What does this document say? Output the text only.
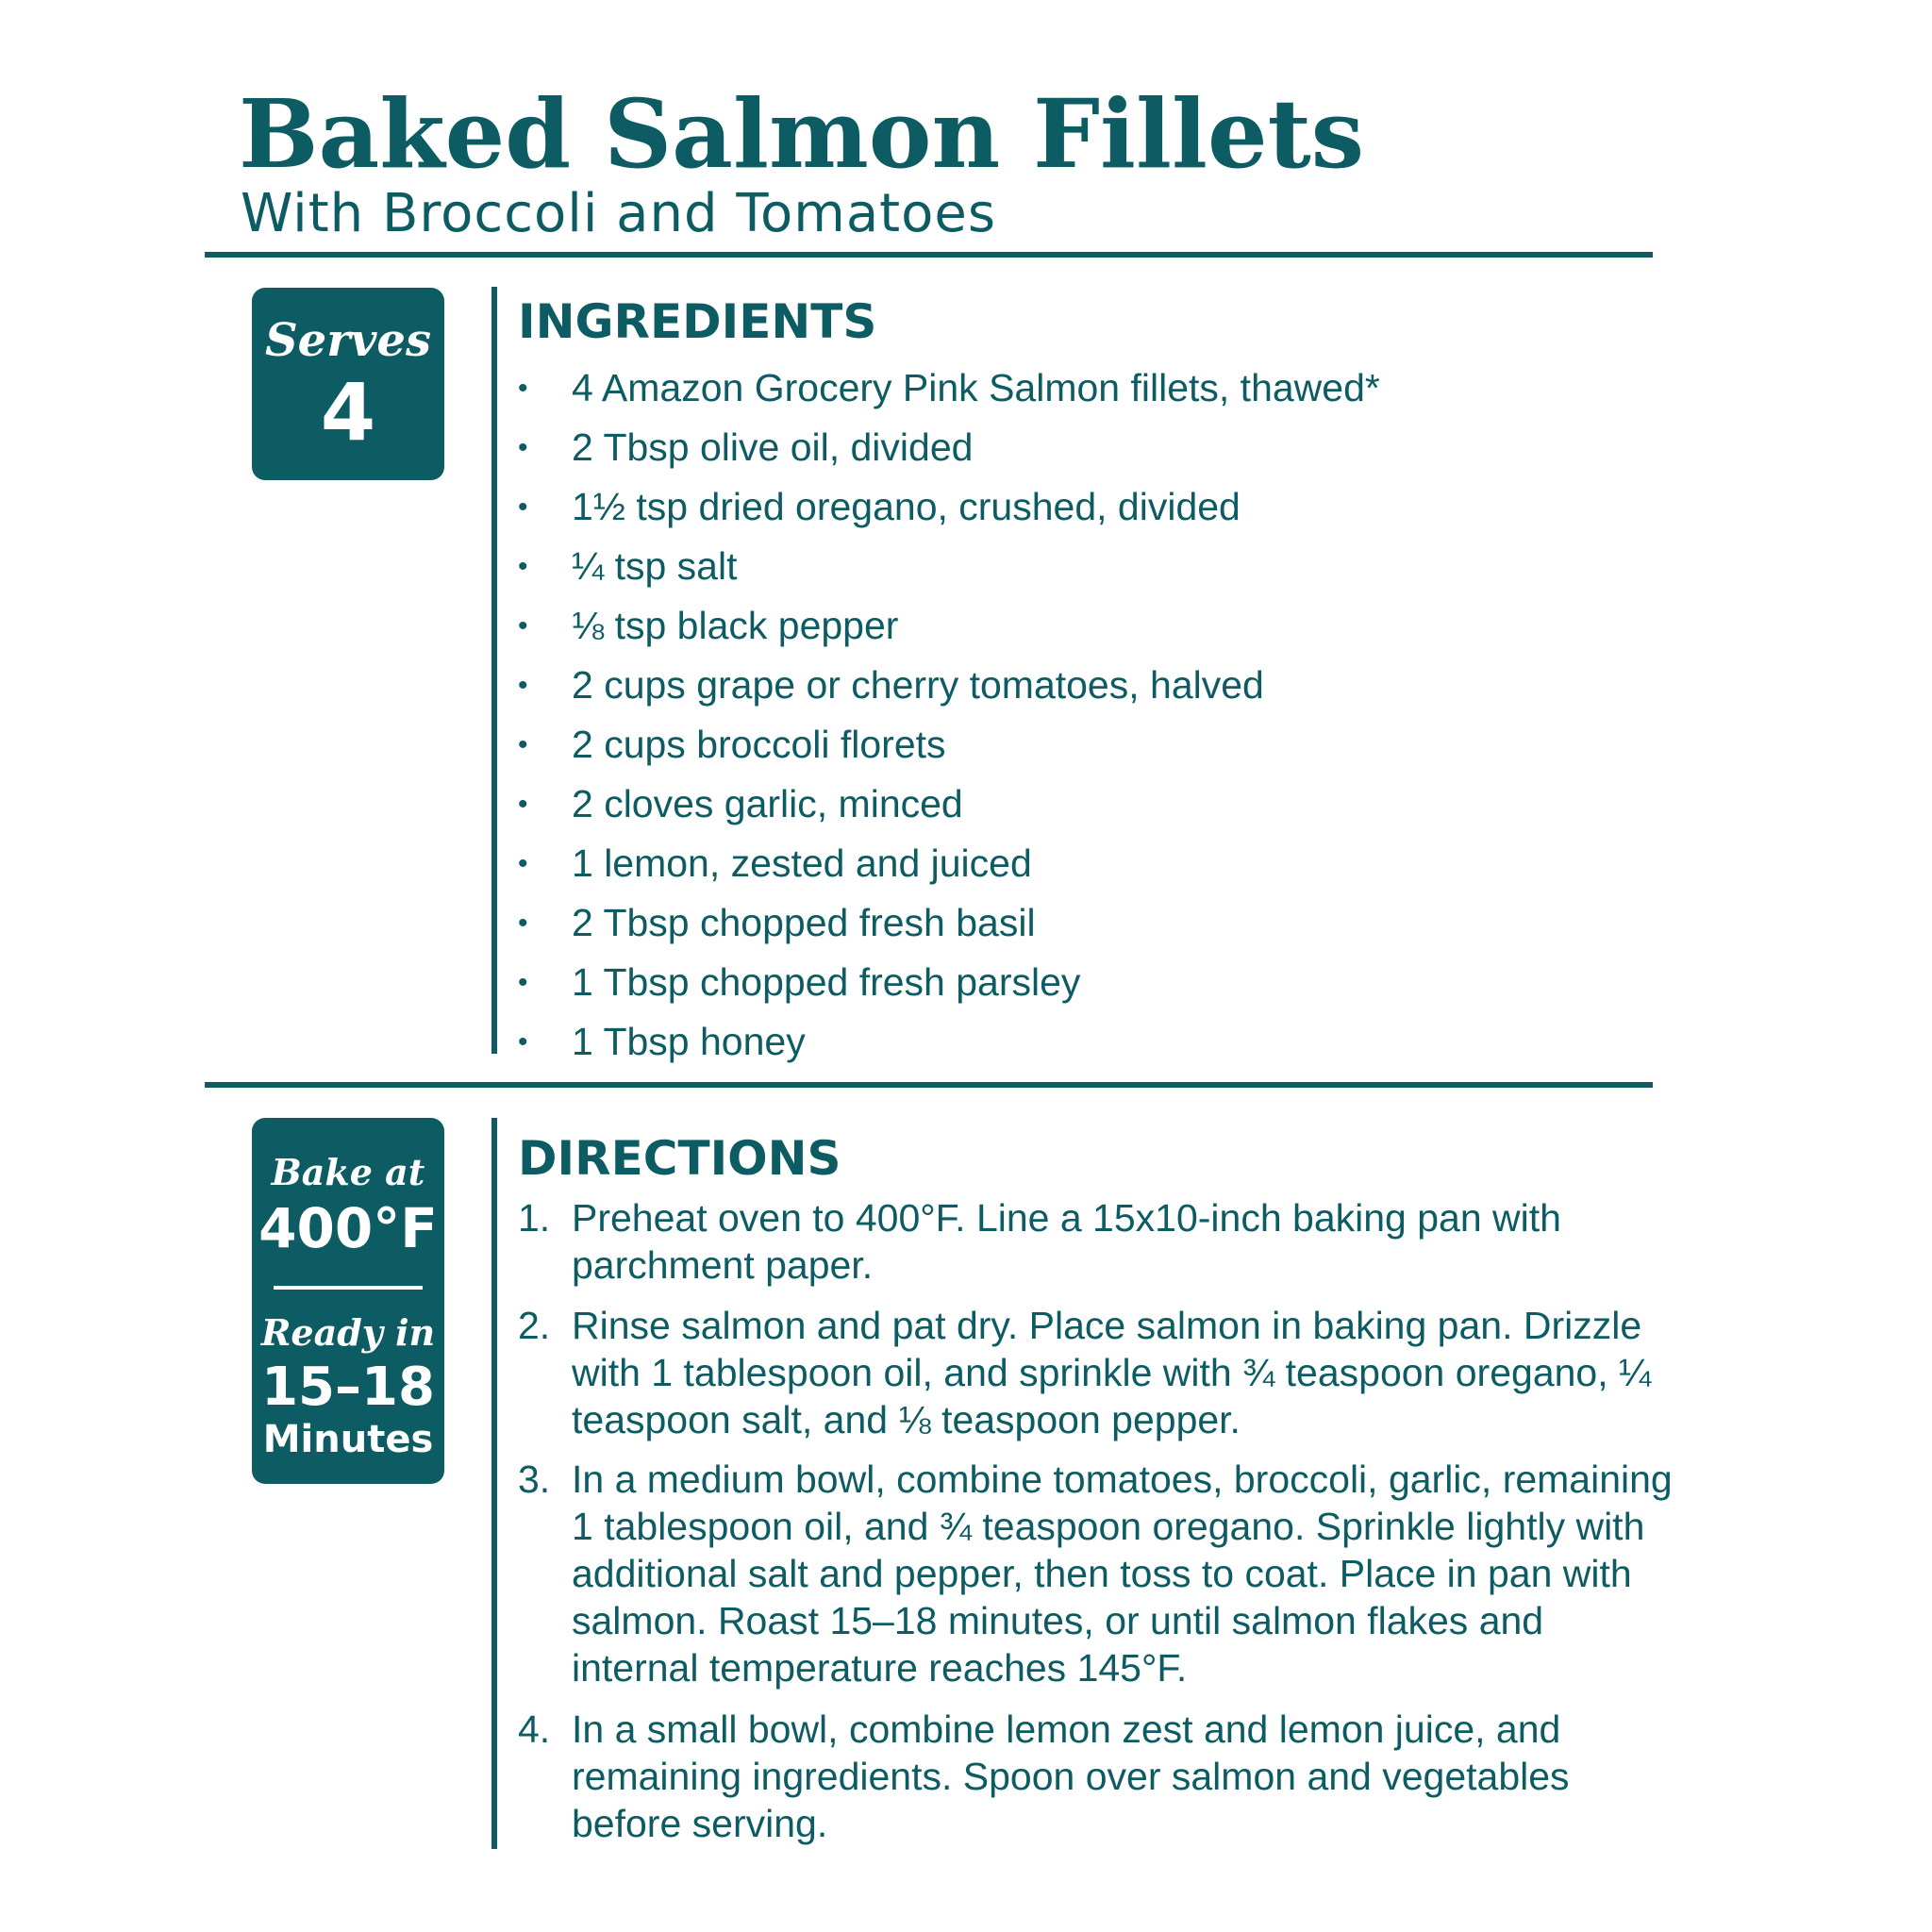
Baked Salmon Fillets
With Broccoli and Tomatoes
Serves
4
INGREDIENTS
• 4 Amazon Grocery Pink Salmon fillets, thawed*
• 2 Tbsp olive oil, divided
• 1½ tsp dried oregano, crushed, divided
• ¼ tsp salt
• ⅛ tsp black pepper
• 2 cups grape or cherry tomatoes, halved
• 2 cups broccoli florets
• 2 cloves garlic, minced
• 1 lemon, zested and juiced
• 2 Tbsp chopped fresh basil
• 1 Tbsp chopped fresh parsley
• 1 Tbsp honey
Bake at
400°F
Ready in
15–18
Minutes
DIRECTIONS
1. Preheat oven to 400°F. Line a 15x10-inch baking pan with parchment paper.
2. Rinse salmon and pat dry. Place salmon in baking pan. Drizzle with 1 tablespoon oil, and sprinkle with ¾ teaspoon oregano, ¼ teaspoon salt, and ⅛ teaspoon pepper.
3. In a medium bowl, combine tomatoes, broccoli, garlic, remaining 1 tablespoon oil, and ¾ teaspoon oregano. Sprinkle lightly with additional salt and pepper, then toss to coat. Place in pan with salmon. Roast 15–18 minutes, or until salmon flakes and internal temperature reaches 145°F.
4. In a small bowl, combine lemon zest and lemon juice, and remaining ingredients. Spoon over salmon and vegetables before serving.
